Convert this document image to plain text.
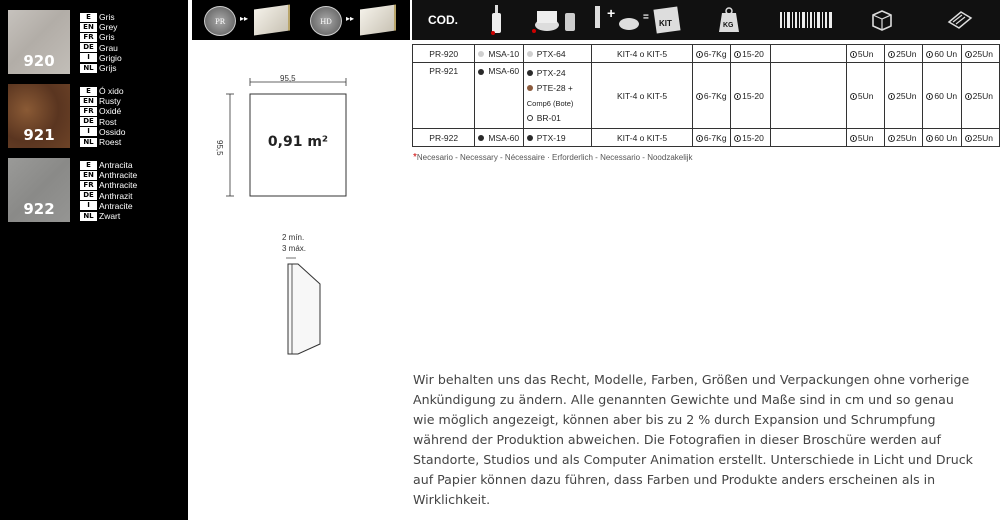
920
E Gris
EN Grey
FR Gris
DE Grau
I	Grigio
NL Grijs
921
E Ó xido
EN Rusty
FR Oxidé
DE Rost
I	Ossido
NL Roest
922
E Antracita
EN Anthracite
FR Anthracite
DE Anthrazit
I	Antracite
NL Zwart
PR	▸▸	HD	▸▸	COD.	+	=
KIT	KG
PR-920	MSA-10	PTX-64	KIT-4 o KIT-5	6-7Kg	15-20		5Un	25Un	60 Un	25Un
PR-921	MSA-60	PTX-24
PTE-28 +
Comp6 (Bote)
BR-01	KIT-4 o KIT-5	6-7Kg	15-20		5Un	25Un	60 Un	25Un
PR-922	MSA-60	PTX-19	KIT-4 o KIT-5	6-7Kg	15-20		5Un	25Un	60 Un	25Un
*Necesario - Necessary - Nécessaire · Erforderlich - Necessario - Noodzakelijk
95,5
95,5	0,91 m²
2 mín.
3 máx.
Wir behalten uns das Recht, Modelle, Farben, Größen und Verpackungen ohne vorherige Ankündigung zu ändern. Alle genannten Gewichte und Maße sind in cm und so genau wie möglich angezeigt, können aber bis zu 2 % durch Expansion und Schrumpfung während der Produktion abweichen. Die Fotografien in dieser Broschüre werden auf Standorte, Studios und als Computer Animation erstellt. Unterschiede in Licht und Druck auf Papier können dazu führen, dass Farben und Produkte anders erscheinen als in Wirklichkeit.
